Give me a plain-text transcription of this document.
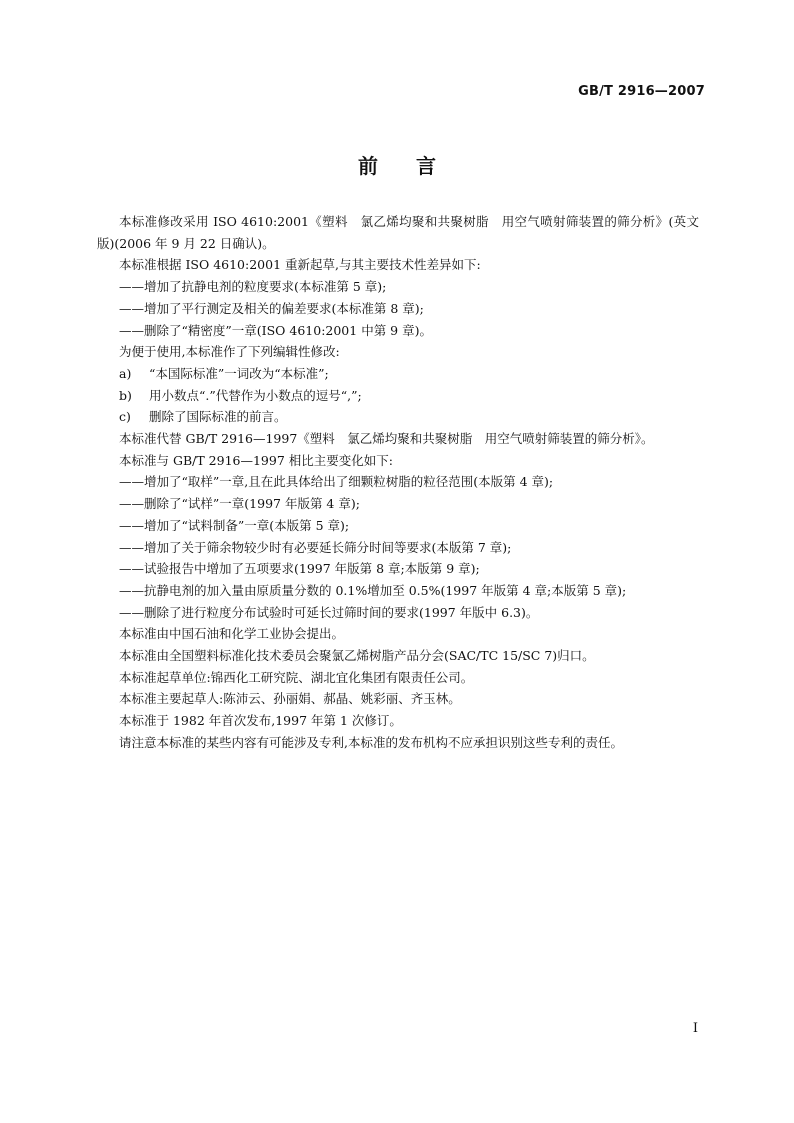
GB/T 2916—2007
前言

本标准修改采用 ISO 4610:2001《塑料　氯乙烯均聚和共聚树脂　用空气喷射筛装置的筛分析》(英文版)(2006 年 9 月 22 日确认)。

本标准根据 ISO 4610:2001 重新起草,与其主要技术性差异如下:

——增加了抗静电剂的粒度要求(本标准第 5 章);

——增加了平行测定及相关的偏差要求(本标准第 8 章);

——删除了“精密度”一章(ISO 4610:2001 中第 9 章)。

为便于使用,本标准作了下列编辑性修改:

a) “本国际标准”一词改为“本标准”;

b) 用小数点“.”代替作为小数点的逗号“,”;

c) 删除了国际标准的前言。

本标准代替 GB/T 2916—1997《塑料　氯乙烯均聚和共聚树脂　用空气喷射筛装置的筛分析》。

本标准与 GB/T 2916—1997 相比主要变化如下:

——增加了“取样”一章,且在此具体给出了细颗粒树脂的粒径范围(本版第 4 章);

——删除了“试样”一章(1997 年版第 4 章);

——增加了“试料制备”一章(本版第 5 章);

——增加了关于筛余物较少时有必要延长筛分时间等要求(本版第 7 章);

——试验报告中增加了五项要求(1997 年版第 8 章;本版第 9 章);

——抗静电剂的加入量由原质量分数的 0.1%增加至 0.5%(1997 年版第 4 章;本版第 5 章);

——删除了进行粒度分布试验时可延长过筛时间的要求(1997 年版中 6.3)。

本标准由中国石油和化学工业协会提出。

本标准由全国塑料标准化技术委员会聚氯乙烯树脂产品分会(SAC/TC 15/SC 7)归口。

本标准起草单位:锦西化工研究院、湖北宜化集团有限责任公司。

本标准主要起草人:陈沛云、孙丽娟、郝晶、姚彩丽、齐玉林。

本标准于 1982 年首次发布,1997 年第 1 次修订。

请注意本标准的某些内容有可能涉及专利,本标准的发布机构不应承担识别这些专利的责任。

I
